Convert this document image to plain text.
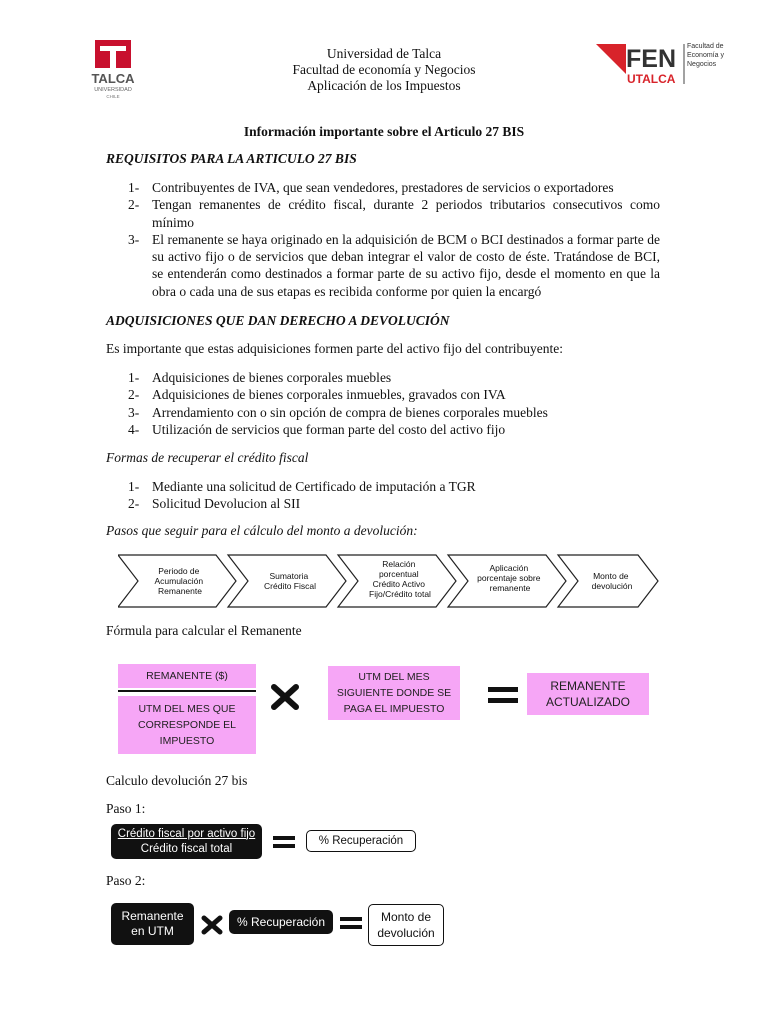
TALCA
UNIVERSIDAD
CHILE
FEN
UTALCA
Facultad de Economía y Negocios
Universidad de Talca
Facultad de economía y Negocios
Aplicación de los Impuestos
Información importante sobre el Articulo 27 BIS
REQUISITOS PARA LA ARTICULO 27 BIS
1- Contribuyentes de IVA, que sean vendedores, prestadores de servicios o exportadores
2- Tengan remanentes de crédito fiscal, durante 2 periodos tributarios consecutivos como mínimo
3- El remanente se haya originado en la adquisición de BCM o BCI destinados a formar parte de su activo fijo o de servicios que deban integrar el valor de costo de éste. Tratándose de BCI, se entenderán como destinados a formar parte de su activo fijo, desde el momento en que la obra o cada una de sus etapas es recibida conforme por quien la encargó
ADQUISICIONES QUE DAN DERECHO A DEVOLUCIÓN
Es importante que estas adquisiciones formen parte del activo fijo del contribuyente:
1- Adquisiciones de bienes corporales muebles
2- Adquisiciones de bienes corporales inmuebles, gravados con IVA
3- Arrendamiento con o sin opción de compra de bienes corporales muebles
4- Utilización de servicios que forman parte del costo del activo fijo
Formas de recuperar el crédito fiscal
1- Mediante una solicitud de Certificado de imputación a TGR
2- Solicitud Devolucion al SII
Pasos que seguir para el cálculo del monto a devolución:
Periodo de Acumulación Remanente
Sumatoria Crédito Fiscal
Relación porcentual Crédito Activo Fijo/Crédito total
Aplicación porcentaje sobre remanente
Monto de devolución
Fórmula para calcular el Remanente
REMANENTE ($)
UTM DEL MES QUE CORRESPONDE EL IMPUESTO
UTM DEL MES SIGUIENTE DONDE SE PAGA EL IMPUESTO
REMANENTE ACTUALIZADO
Calculo devolución 27 bis
Paso 1:
Crédito fiscal por activo fijo
Crédito fiscal total
% Recuperación
Paso 2:
Remanente en UTM
% Recuperación	Monto de devolución
